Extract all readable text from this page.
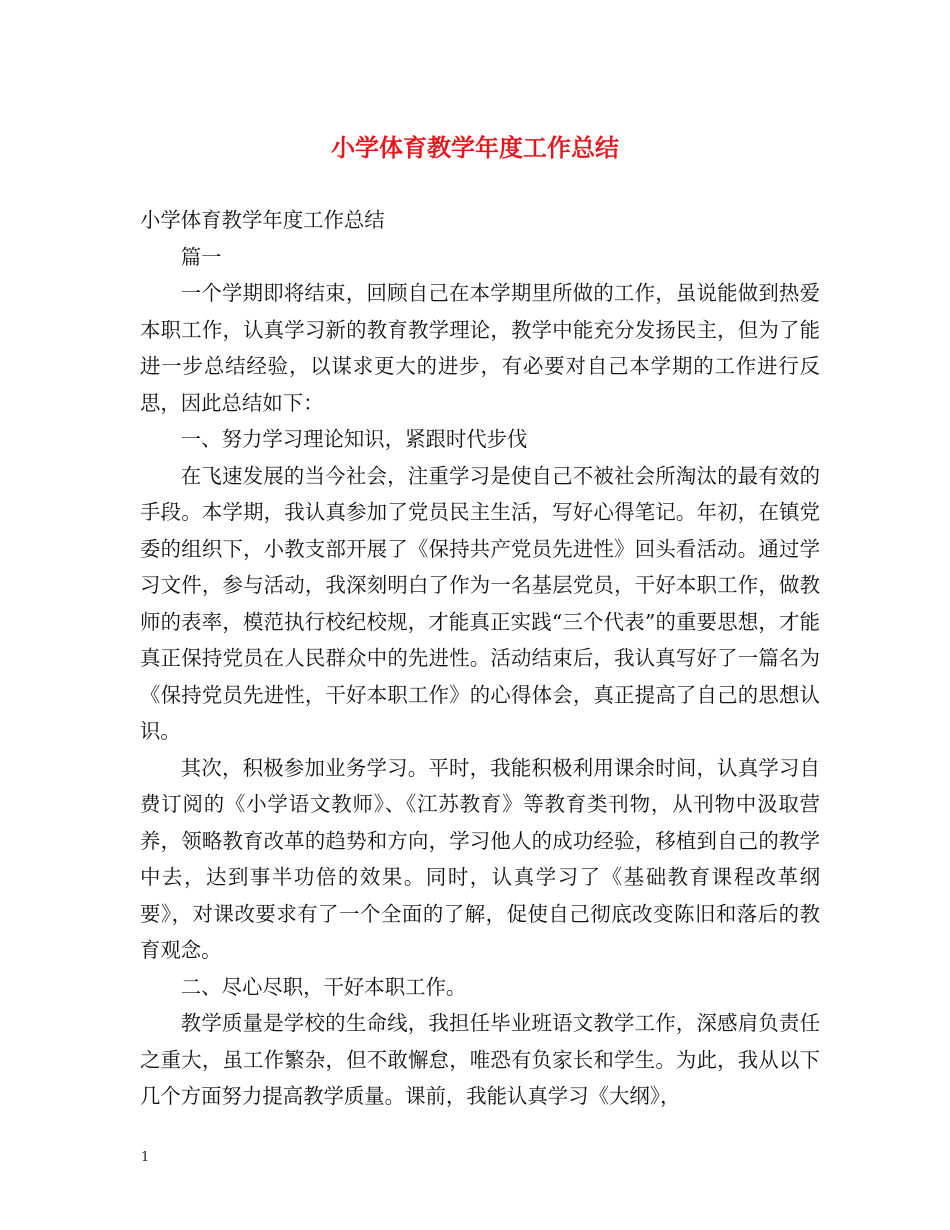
小学体育教学年度工作总结

小学体育教学年度工作总结

篇一

一个学期即将结束，回顾自己在本学期里所做的工作，虽说能做到热爱本职工作，认真学习新的教育教学理论，教学中能充分发扬民主，但为了能进一步总结经验，以谋求更大的进步，有必要对自己本学期的工作进行反思，因此总结如下：

一、努力学习理论知识，紧跟时代步伐

在飞速发展的当今社会，注重学习是使自己不被社会所淘汰的最有效的手段。本学期，我认真参加了党员民主生活，写好心得笔记。年初，在镇党委的组织下，小教支部开展了《保持共产党员先进性》回头看活动。通过学习文件，参与活动，我深刻明白了作为一名基层党员，干好本职工作，做教师的表率，模范执行校纪校规，才能真正实践“三个代表”的重要思想，才能真正保持党员在人民群众中的先进性。活动结束后，我认真写好了一篇名为《保持党员先进性，干好本职工作》的心得体会，真正提高了自己的思想认识。

其次，积极参加业务学习。平时，我能积极利用课余时间，认真学习自费订阅的《小学语文教师》、《江苏教育》等教育类刊物，从刊物中汲取营养，领略教育改革的趋势和方向，学习他人的成功经验，移植到自己的教学中去，达到事半功倍的效果。同时，认真学习了《基础教育课程改革纲要》，对课改要求有了一个全面的了解，促使自己彻底改变陈旧和落后的教育观念。

二、尽心尽职，干好本职工作。

教学质量是学校的生命线，我担任毕业班语文教学工作，深感肩负责任之重大，虽工作繁杂，但不敢懈怠，唯恐有负家长和学生。为此，我从以下几个方面努力提高教学质量。课前，我能认真学习《大纲》，

1
